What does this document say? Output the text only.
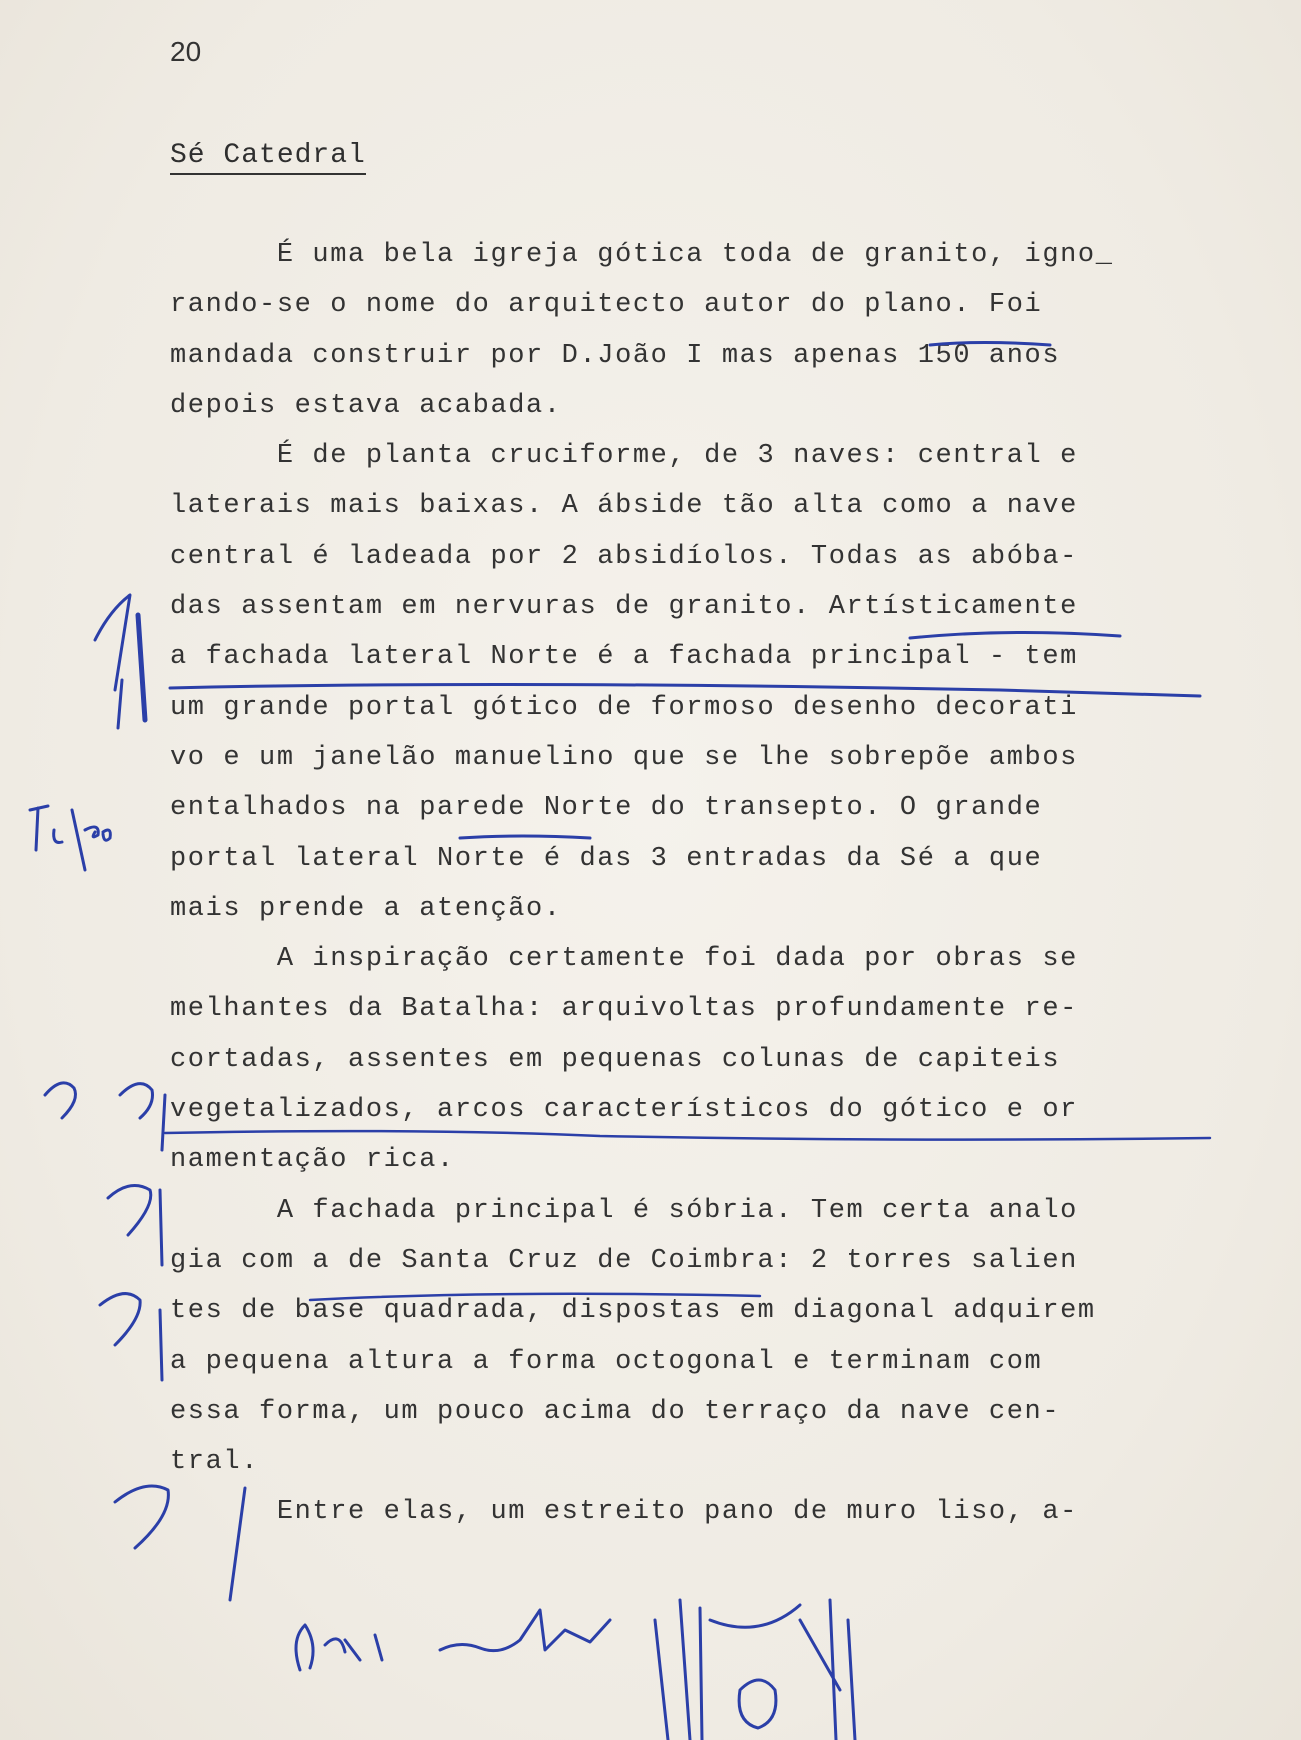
20
Sé Catedral
É uma bela igreja gótica toda de granito, igno_
rando-se o nome do arquitecto autor do plano. Foi
mandada construir por D.João I mas apenas 150 anos
depois estava acabada.
É de planta cruciforme, de 3 naves: central e
laterais mais baixas. A ábside tão alta como a nave
central é ladeada por 2 absidíolos. Todas as abóba-
das assentam em nervuras de granito. Artísticamente
a fachada lateral Norte é a fachada principal - tem
um grande portal gótico de formoso desenho decorati
vo e um janelão manuelino que se lhe sobrepõe ambos
entalhados na parede Norte do transepto. O grande
portal lateral Norte é das 3 entradas da Sé a que
mais prende a atenção.
A inspiração certamente foi dada por obras se
melhantes da Batalha: arquivoltas profundamente re-
cortadas, assentes em pequenas colunas de capiteis
vegetalizados, arcos característicos do gótico e or
namentação rica.
A fachada principal é sóbria. Tem certa analo
gia com a de Santa Cruz de Coimbra: 2 torres salien
tes de base quadrada, dispostas em diagonal adquirem
a pequena altura a forma octogonal e terminam com
essa forma, um pouco acima do terraço da nave cen-
tral.
Entre elas, um estreito pano de muro liso, a-
